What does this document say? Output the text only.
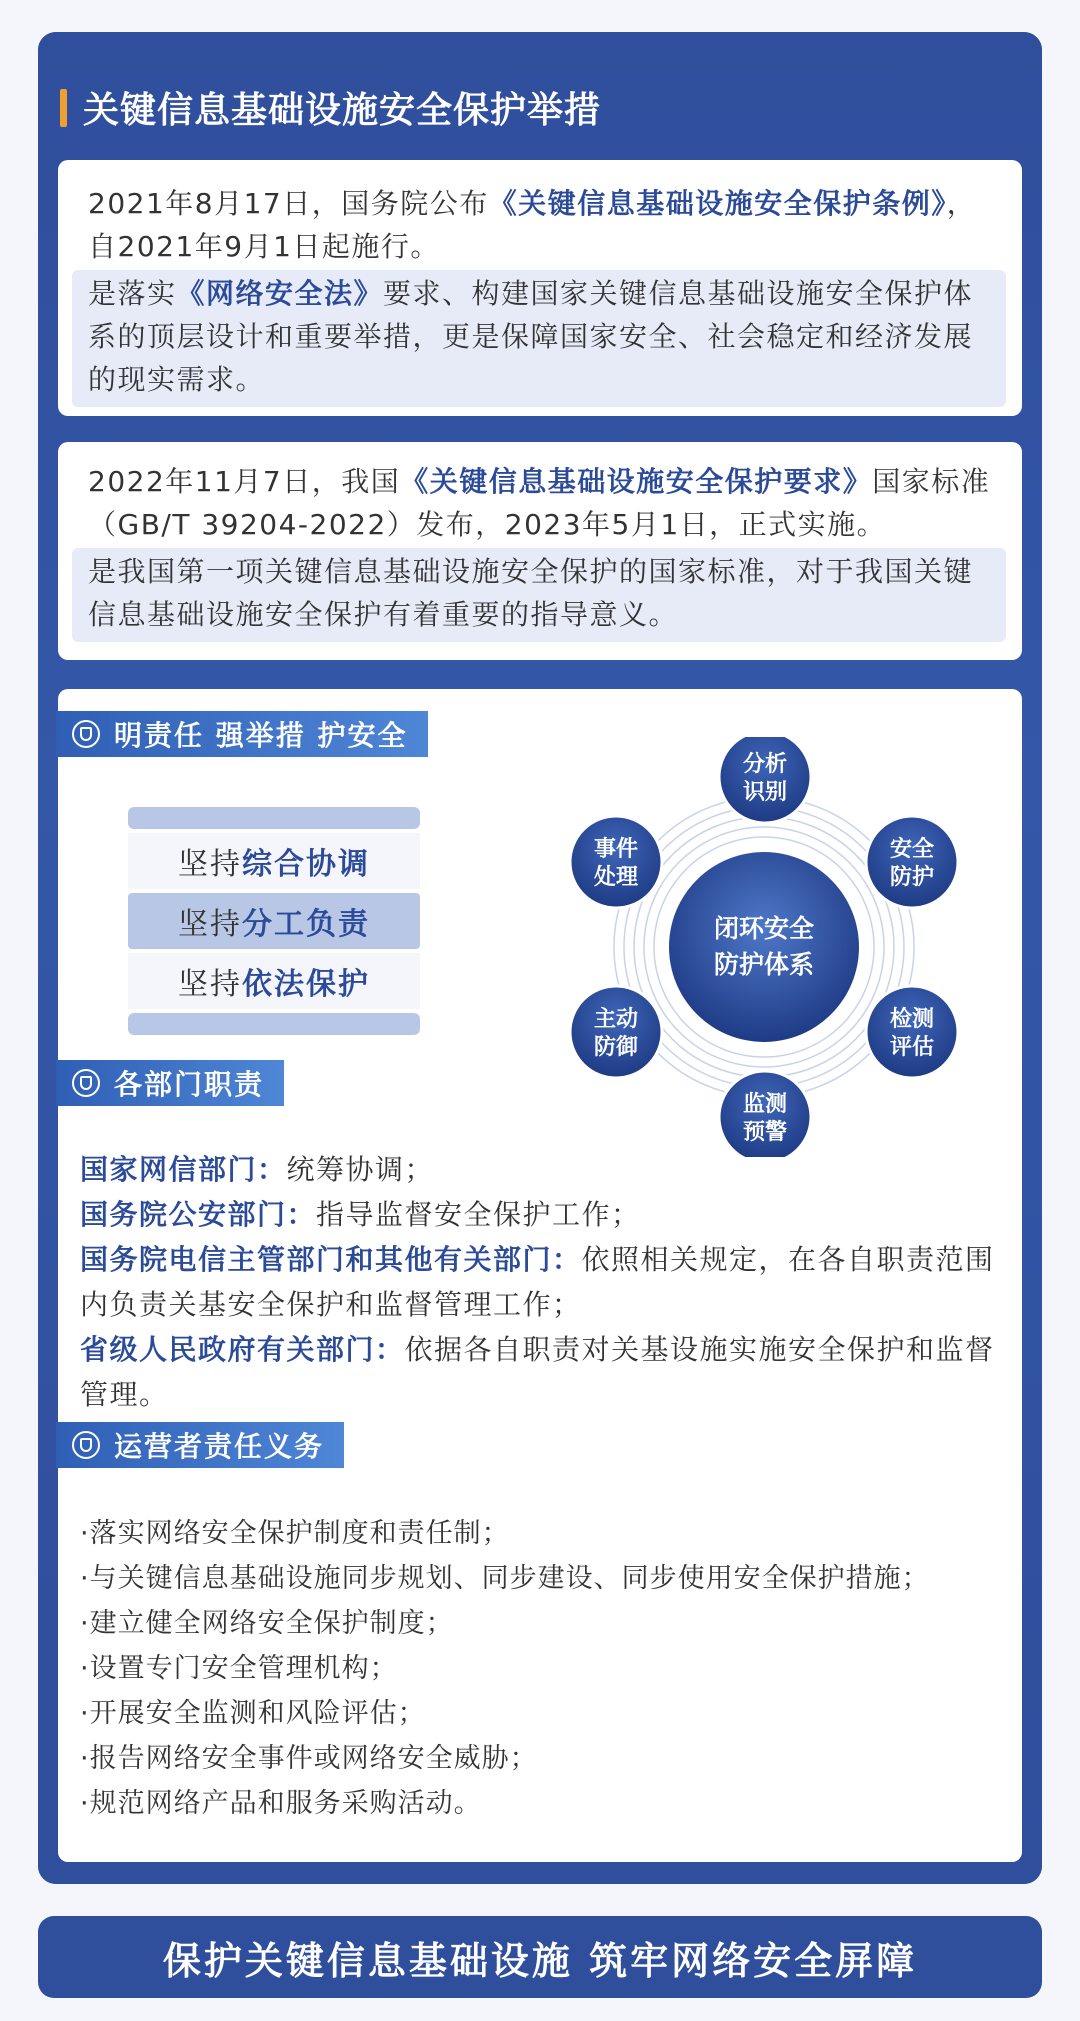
关键信息基础设施安全保护举措
2021年8月17日，国务院公布《关键信息基础设施安全保护条例》，自2021年9月1日起施行。
是落实《网络安全法》要求、构建国家关键信息基础设施安全保护体系的顶层设计和重要举措，更是保障国家安全、社会稳定和经济发展的现实需求。
2022年11月7日，我国《关键信息基础设施安全保护要求》国家标准（GB/T 39204-2022）发布，2023年5月1日，正式实施。
是我国第一项关键信息基础设施安全保护的国家标准，对于我国关键信息基础设施安全保护有着重要的指导意义。
明责任 强举措 护安全
坚持 综合协调
坚持 分工负责
坚持 依法保护
闭环安全
防护体系
分析
识别
安全
防护
检测
评估
监测
预警
主动
防御
事件
处理
各部门职责

国家网信部门：统筹协调；

国务院公安部门：指导监督安全保护工作；

国务院电信主管部门和其他有关部门：依照相关规定，在各自职责范围内负责关基安全保护和监督管理工作；

省级人民政府有关部门：依据各自职责对关基设施实施安全保护和监督管理。

运营者责任义务
·落实网络安全保护制度和责任制；
·与关键信息基础设施同步规划、同步建设、同步使用安全保护措施；
·建立健全网络安全保护制度；
·设置专门安全管理机构；
·开展安全监测和风险评估；
·报告网络安全事件或网络安全威胁；
·规范网络产品和服务采购活动。
保护关键信息基础设施 筑牢网络安全屏障
